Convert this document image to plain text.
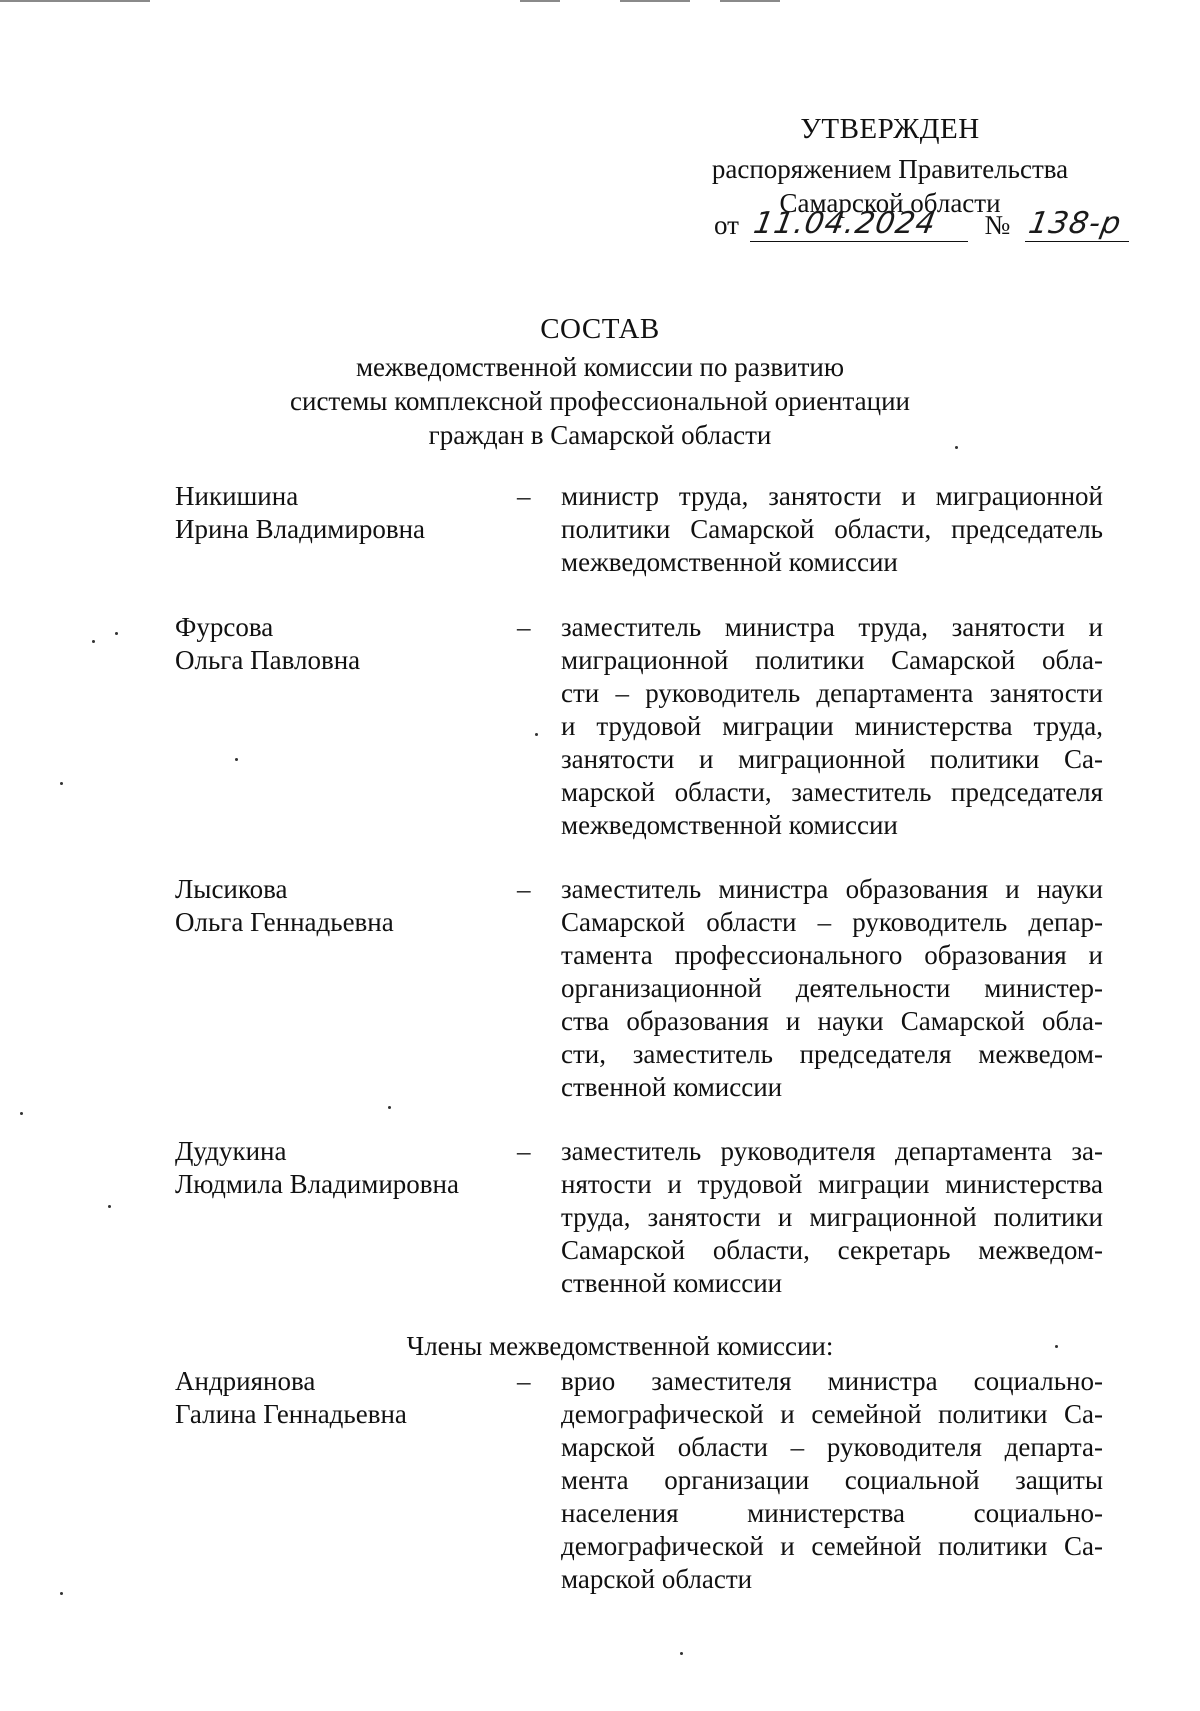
УТВЕРЖДЕН
распоряжением Правительства
Самарской области
от 11.04.2024 № 138-р
СОСТАВ
межведомственной комиссии по развитию
системы комплексной профессиональной ориентации
граждан в Самарской области
Никишина
Ирина Владимировна
– министр труда, занятости и миграционной
политики Самарской области, председатель
межведомственной комиссии
Фурсова
Ольга Павловна
– заместитель министра труда, занятости и
миграционной политики Самарской обла-
сти – руководитель департамента занятости
и трудовой миграции министерства труда,
занятости и миграционной политики Са-
марской области, заместитель председателя
межведомственной комиссии
Лысикова
Ольга Геннадьевна
– заместитель министра образования и науки
Самарской области – руководитель депар-
тамента профессионального образования и
организационной деятельности министер-
ства образования и науки Самарской обла-
сти, заместитель председателя межведом-
ственной комиссии
Дудукина
Людмила Владимировна
– заместитель руководителя департамента за-
нятости и трудовой миграции министерства
труда, занятости и миграционной политики
Самарской области, секретарь межведом-
ственной комиссии
Члены межведомственной комиссии:
Андриянова
Галина Геннадьевна
– врио заместителя министра социально-
демографической и семейной политики Са-
марской области – руководителя департа-
мента организации социальной защиты
населения министерства социально-
демографической и семейной политики Са-
марской области
